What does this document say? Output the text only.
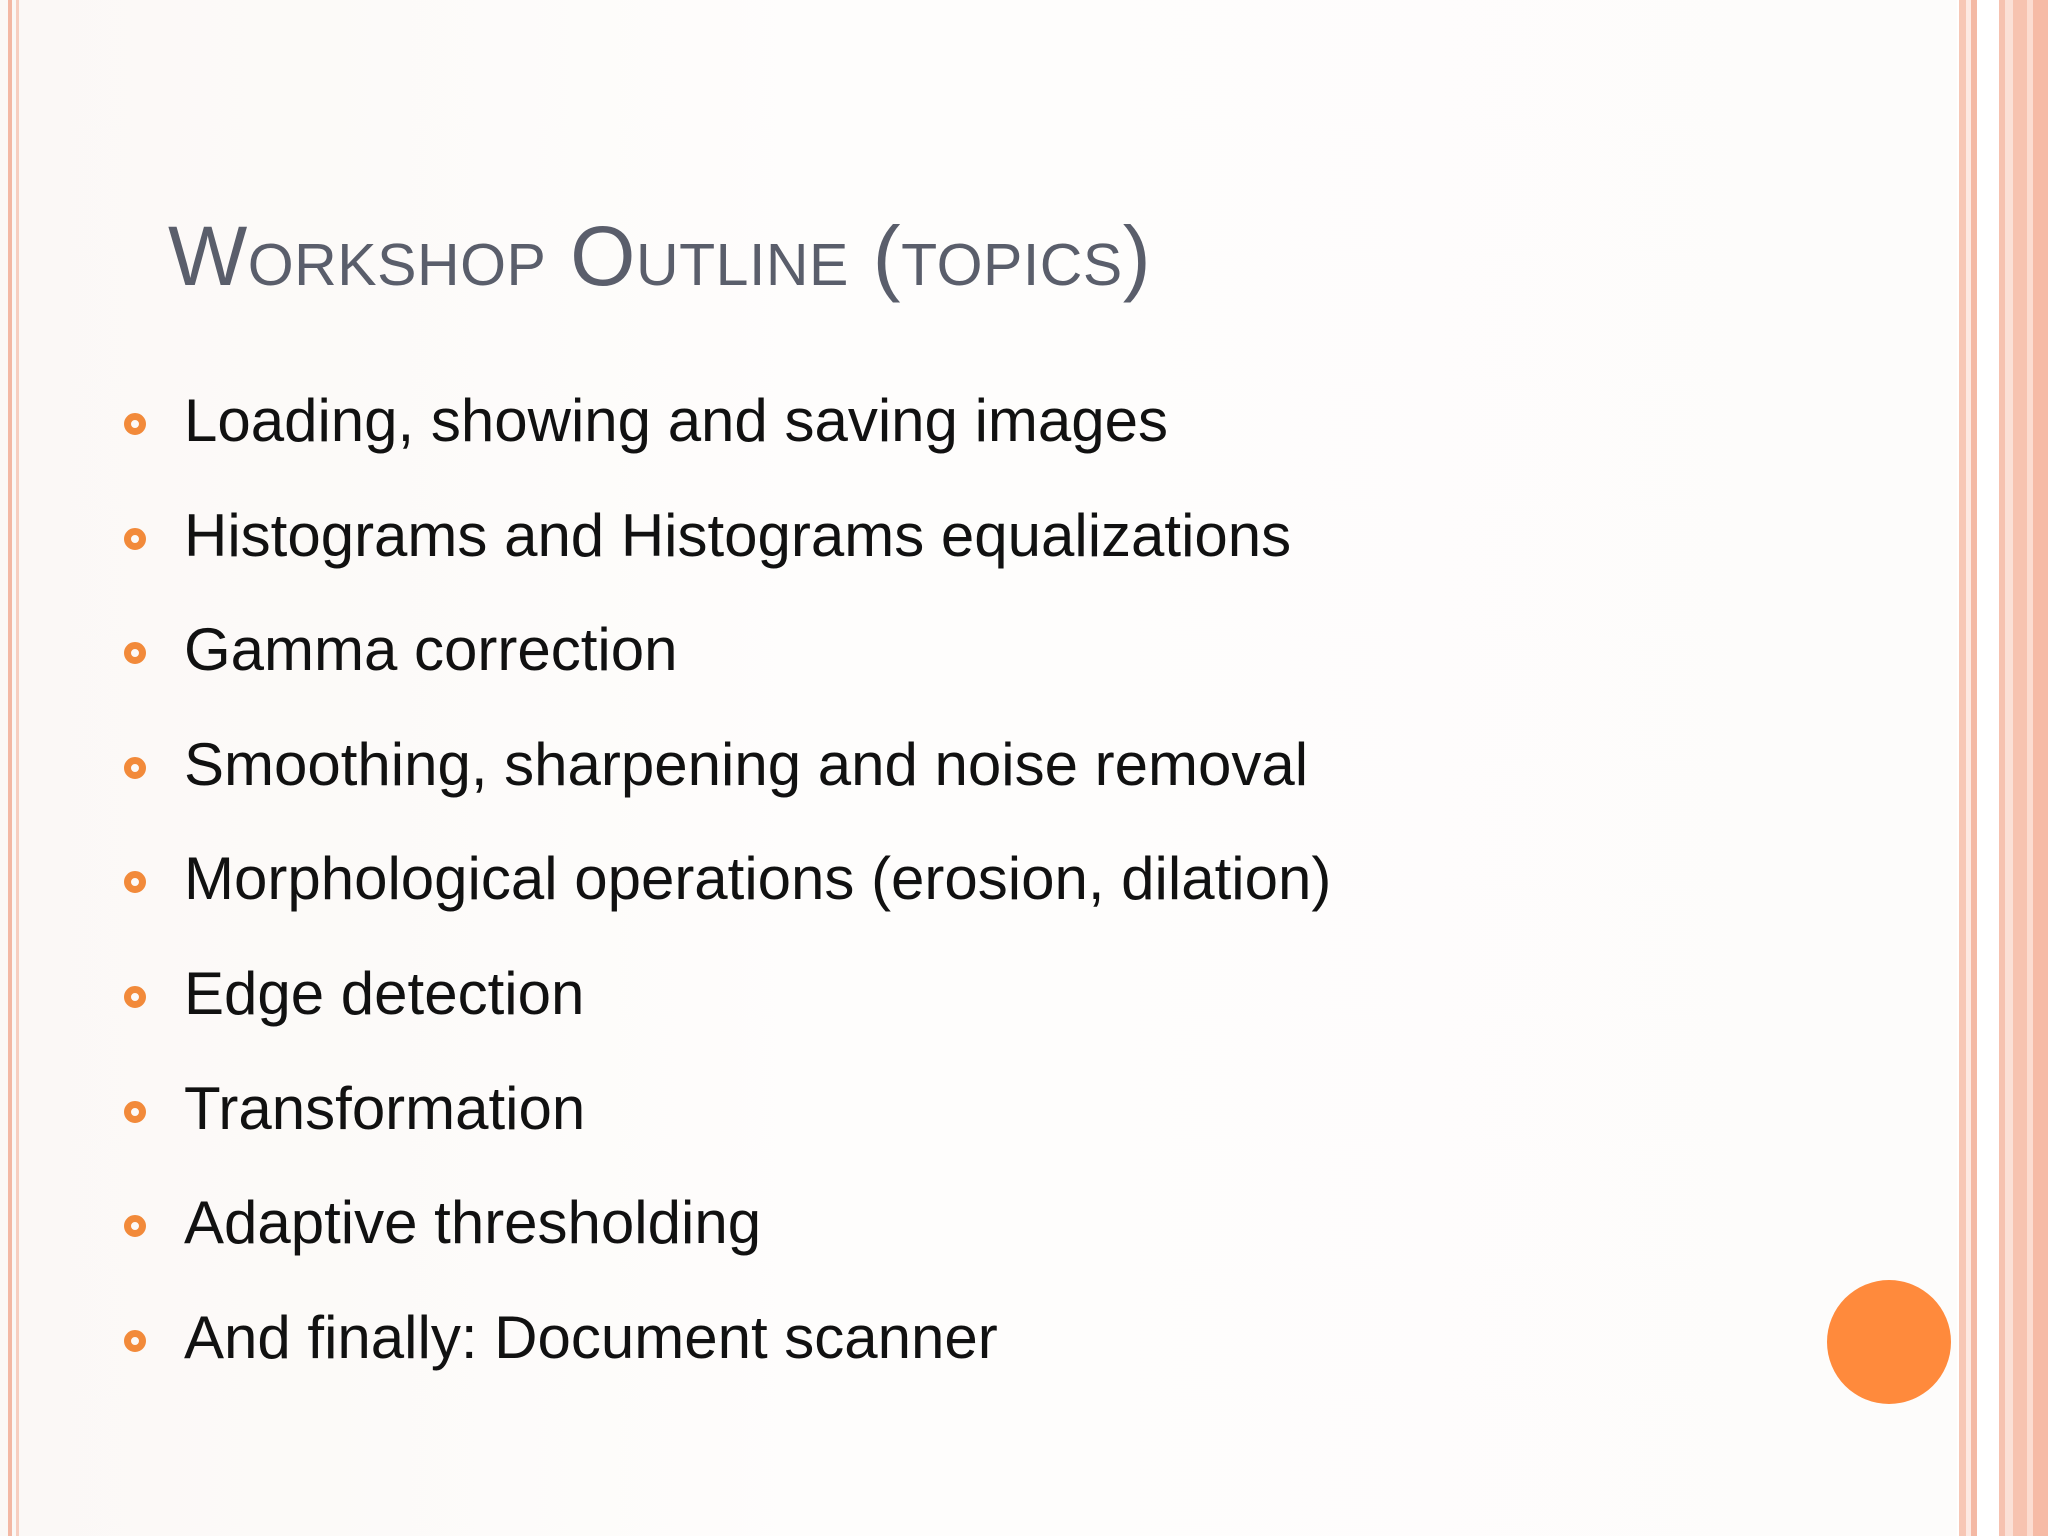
Workshop Outline (topics)
Loading, showing and saving images
Histograms and Histograms equalizations
Gamma correction
Smoothing, sharpening and noise removal
Morphological operations (erosion, dilation)
Edge detection
Transformation
Adaptive thresholding
And finally: Document scanner
